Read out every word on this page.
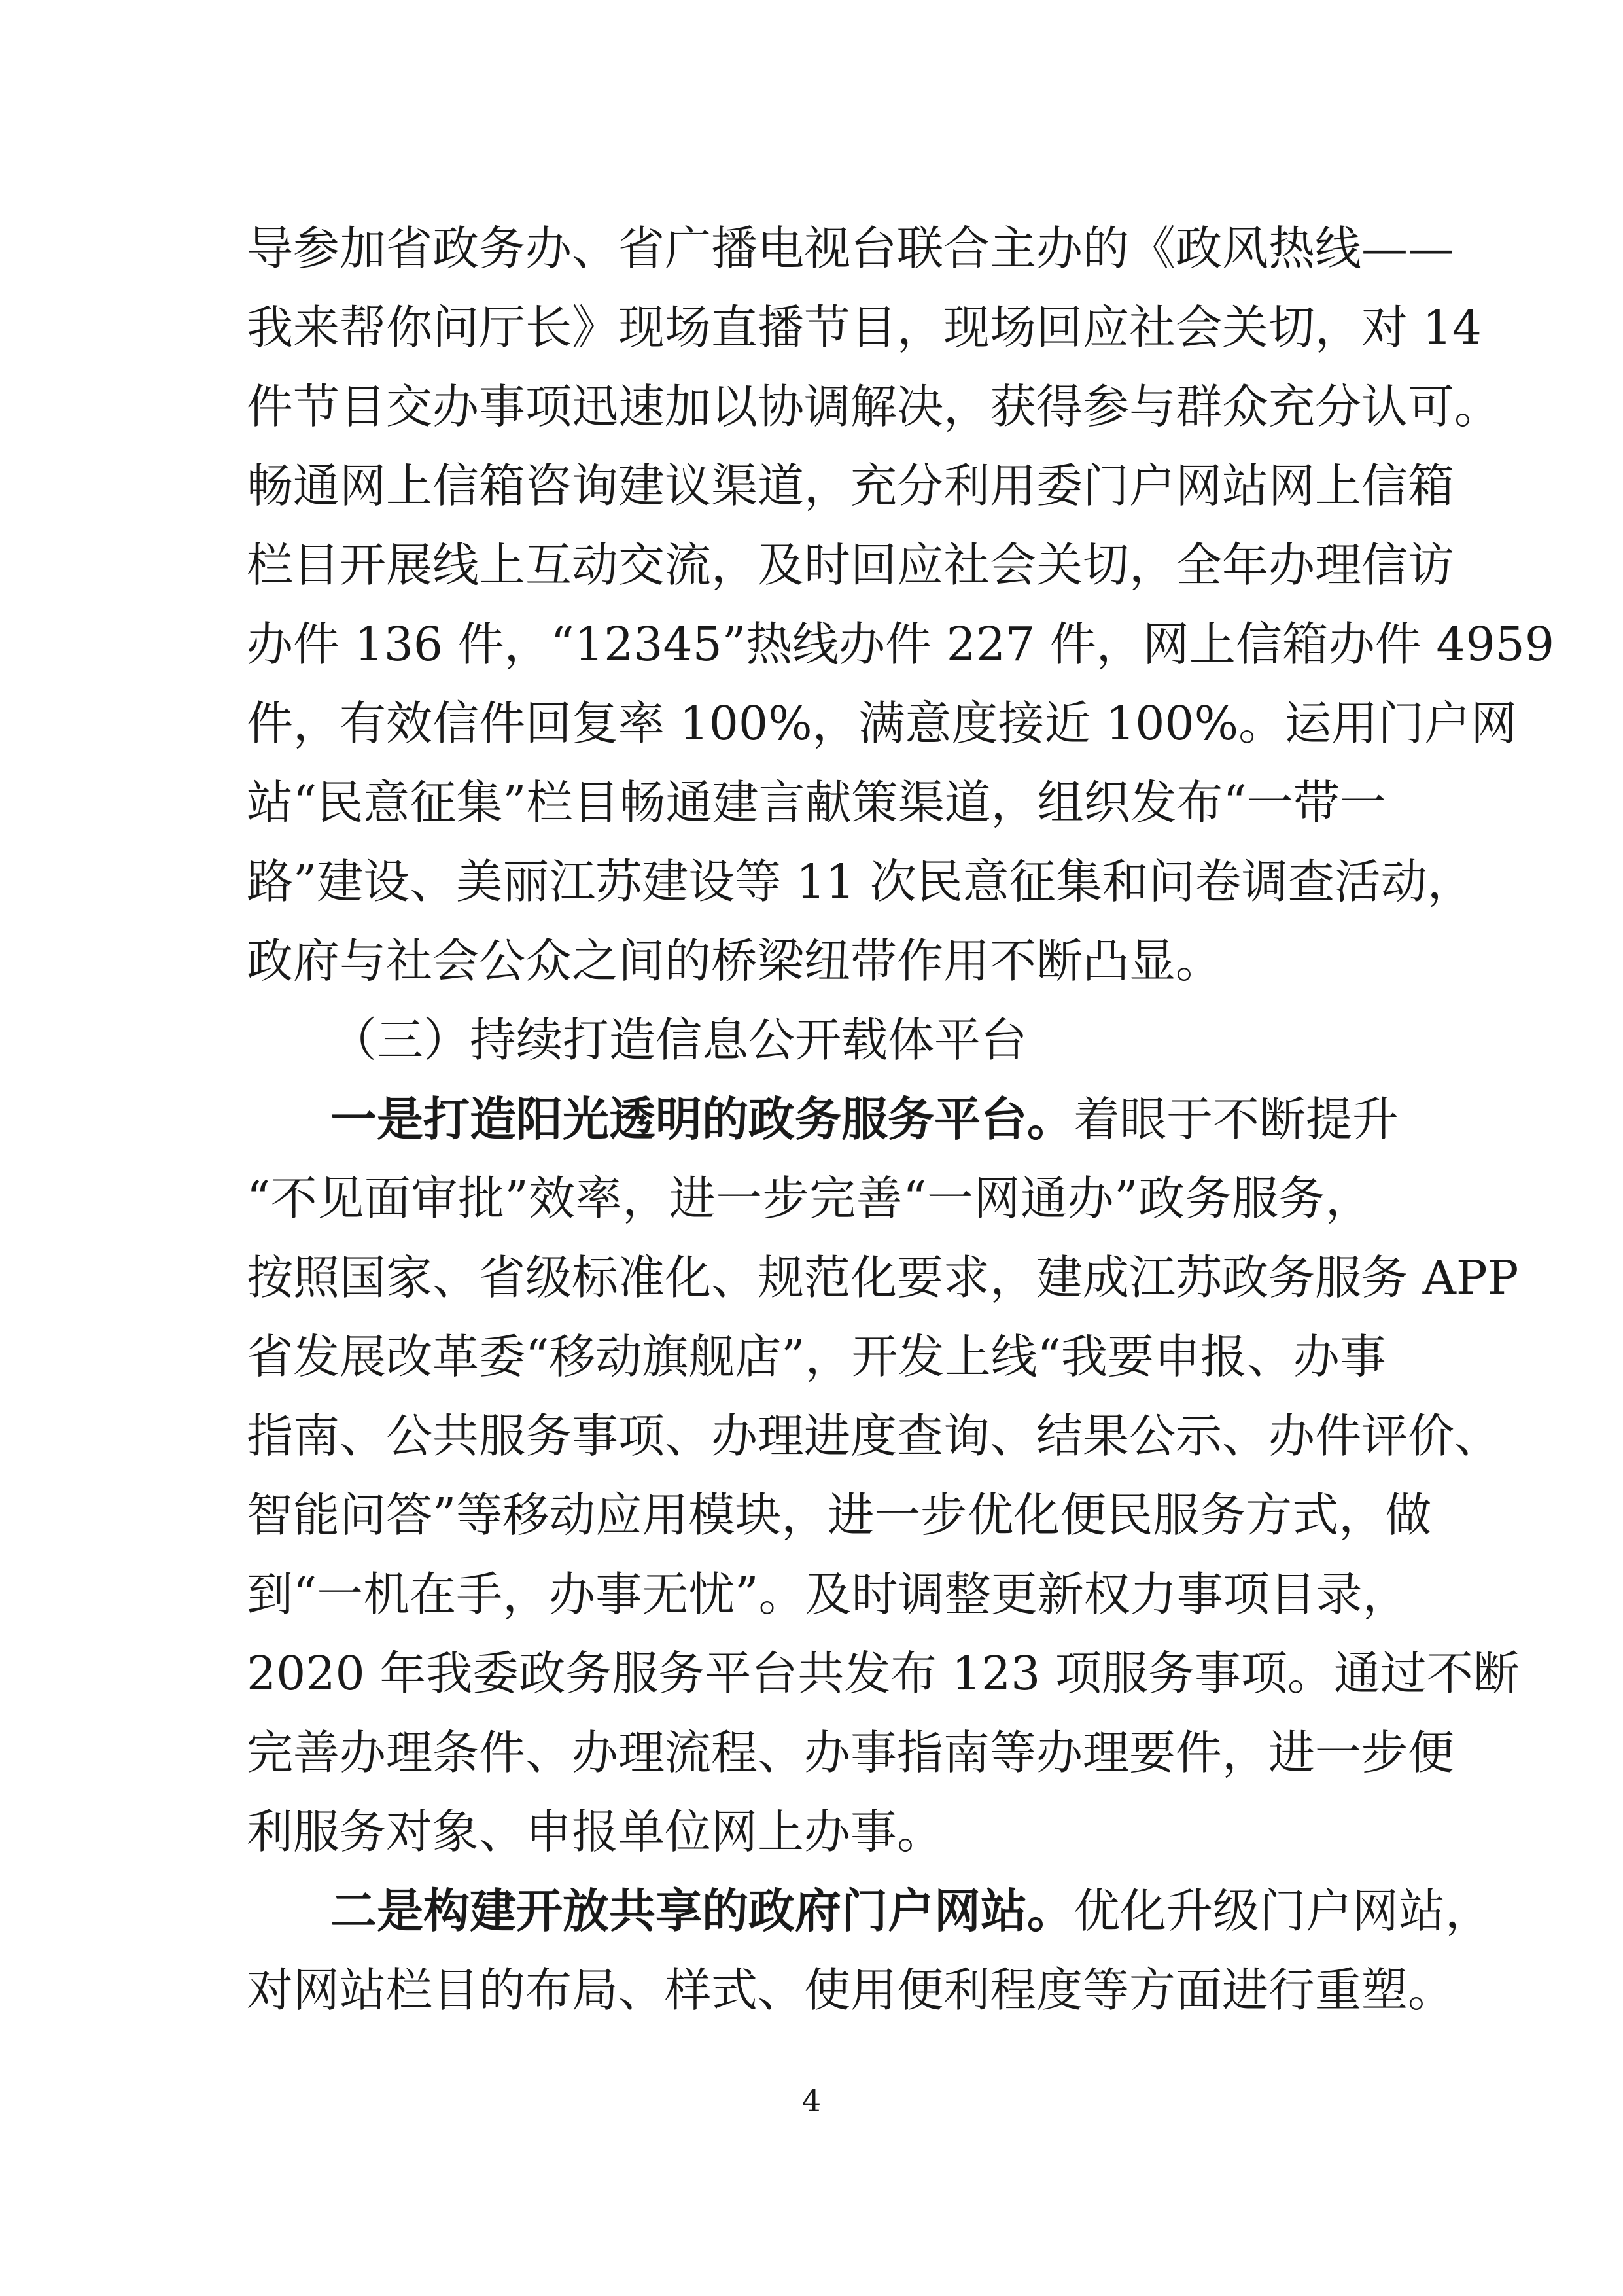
导参加省政务办、省广播电视台联合主办的《政风热线——
我来帮你问厅长》现场直播节目，现场回应社会关切，对 14
件节目交办事项迅速加以协调解决，获得参与群众充分认可。
畅通网上信箱咨询建议渠道，充分利用委门户网站网上信箱
栏目开展线上互动交流，及时回应社会关切，全年办理信访
办件 136 件，“12345”热线办件 227 件，网上信箱办件 4959
件，有效信件回复率 100%，满意度接近 100%。运用门户网
站“民意征集”栏目畅通建言献策渠道，组织发布“一带一
路”建设、美丽江苏建设等 11 次民意征集和问卷调查活动，
政府与社会公众之间的桥梁纽带作用不断凸显。
（三）持续打造信息公开载体平台
一是打造阳光透明的政务服务平台。着眼于不断提升
“不见面审批”效率，进一步完善“一网通办”政务服务，
按照国家、省级标准化、规范化要求，建成江苏政务服务 APP
省发展改革委“移动旗舰店”，开发上线“我要申报、办事
指南、公共服务事项、办理进度查询、结果公示、办件评价、
智能问答”等移动应用模块，进一步优化便民服务方式，做
到“一机在手，办事无忧”。及时调整更新权力事项目录，
2020 年我委政务服务平台共发布 123 项服务事项。通过不断
完善办理条件、办理流程、办事指南等办理要件，进一步便
利服务对象、申报单位网上办事。
二是构建开放共享的政府门户网站。优化升级门户网站，
对网站栏目的布局、样式、使用便利程度等方面进行重塑。
4
